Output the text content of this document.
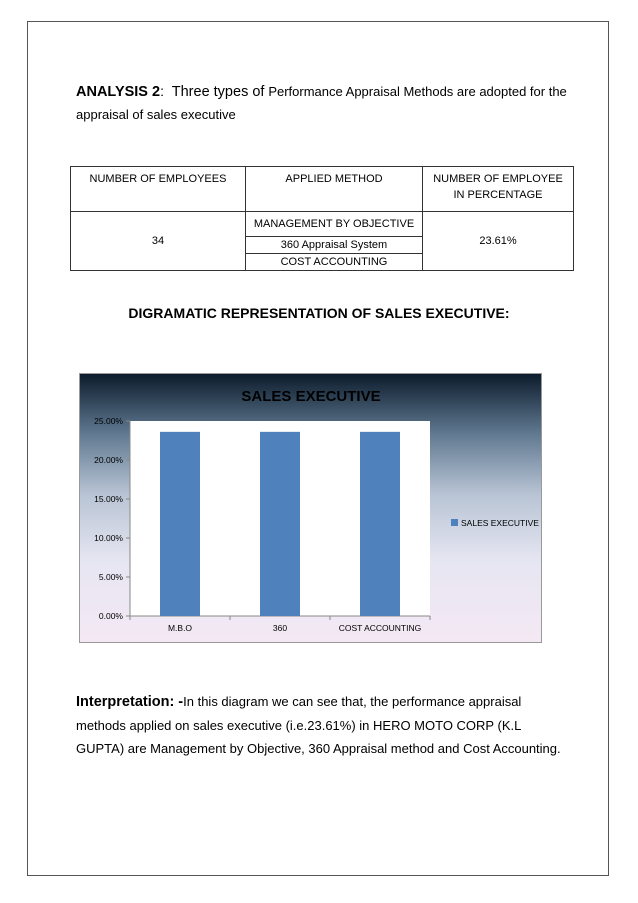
ANALYSIS 2: Three types of Performance Appraisal Methods are adopted for the appraisal of sales executive
NUMBER OF EMPLOYEES	APPLIED METHOD	NUMBER OF EMPLOYEE IN PERCENTAGE
34	MANAGEMENT BY OBJECTIVE	23.61%
	360 Appraisal System	
	COST ACCOUNTING	
DIGRAMATIC REPRESENTATION OF SALES EXECUTIVE:
SALES EXECUTIVE
0.00%
5.00%
10.00%
15.00%
20.00%
25.00%
M.B.O	360	COST ACCOUNTING
SALES EXECUTIVE
Interpretation: -In this diagram we can see that, the performance appraisal methods applied on sales executive (i.e.23.61%) in HERO MOTO CORP (K.L GUPTA) are Management by Objective, 360 Appraisal method and Cost Accounting.
